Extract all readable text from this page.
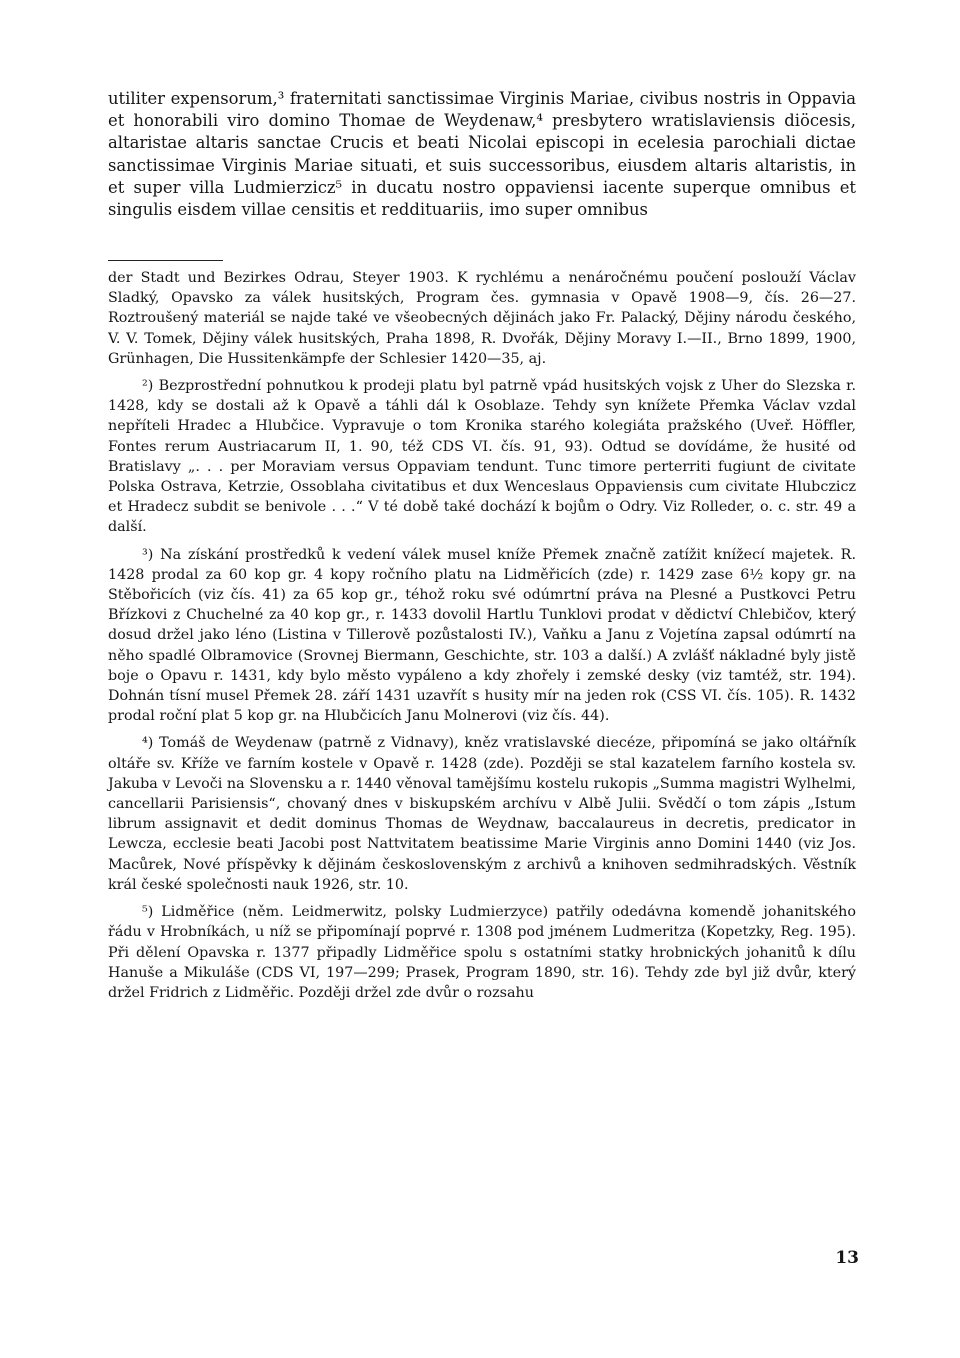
utiliter expensorum,³ fraternitati sanctissimae Virginis Mariae, civibus nostris in Oppavia et honorabili viro domino Thomae de Weydenaw,⁴ presbytero wratislaviensis diöcesis, altaristae altaris sanctae Crucis et beati Nicolai episcopi in ecelesia parochiali dictae sanctissimae Virginis Mariae situati, et suis successoribus, eiusdem altaris altaristis, in et super villa Ludmierzicz⁵ in ducatu nostro oppaviensi iacente superque omnibus et singulis eisdem villae censitis et reddituariis, imo super omnibus

der Stadt und Bezirkes Odrau, Steyer 1903. K rychlému a nenáročnému poučení poslouží Václav Sladký, Opavsko za válek husitských, Program čes. gymnasia v Opavě 1908—9, čís. 26—27. Roztroušený materiál se najde také ve všeobecných dějinách jako Fr. Palacký, Dějiny národu českého, V. V. Tomek, Dějiny válek husitských, Praha 1898, R. Dvořák, Dějiny Moravy I.—II., Brno 1899, 1900, Grünhagen, Die Hussitenkämpfe der Schlesier 1420—35, aj.

²) Bezprostřední pohnutkou k prodeji platu byl patrně vpád husitských vojsk z Uher do Slezska r. 1428, kdy se dostali až k Opavě a táhli dál k Osoblaze. Tehdy syn knížete Přemka Václav vzdal nepříteli Hradec a Hlubčice. Vypravuje o tom Kronika starého kolegiáta pražského (Uveř. Höffler, Fontes rerum Austriacarum II, 1. 90, též CDS VI. čís. 91, 93). Odtud se dovídáme, že husité od Bratislavy „. . . per Moraviam versus Oppaviam tendunt. Tunc timore perterriti fugiunt de civitate Polska Ostrava, Ketrzie, Ossoblaha civitatibus et dux Wenceslaus Oppaviensis cum civitate Hlubczicz et Hradecz subdit se benivole . . .“ V té době také dochází k bojům o Odry. Viz Rolleder, o. c. str. 49 a další.

³) Na získání prostředků k vedení válek musel kníže Přemek značně zatížit knížecí majetek. R. 1428 prodal za 60 kop gr. 4 kopy ročního platu na Lidměřicích (zde) r. 1429 zase 6½ kopy gr. na Stěbořicích (viz čís. 41) za 65 kop gr., téhož roku své odúmrtní práva na Plesné a Pustkovci Petru Břízkovi z Chuchelné za 40 kop gr., r. 1433 dovolil Hartlu Tunklovi prodat v dědictví Chlebičov, který dosud držel jako léno (Listina v Tillerově pozůstalosti IV.), Vaňku a Janu z Vojetína zapsal odúmrtí na něho spadlé Olbramovice (Srovnej Biermann, Geschichte, str. 103 a další.) A zvlášť nákladné byly jistě boje o Opavu r. 1431, kdy bylo město vypáleno a kdy zhořely i zemské desky (viz tamtéž, str. 194). Dohnán tísní musel Přemek 28. září 1431 uzavřít s husity mír na jeden rok (CSS VI. čís. 105). R. 1432 prodal roční plat 5 kop gr. na Hlubčicích Janu Molnerovi (viz čís. 44).

⁴) Tomáš de Weydenaw (patrně z Vidnavy), kněz vratislavské diecéze, připomíná se jako oltářník oltáře sv. Kříže ve farním kostele v Opavě r. 1428 (zde). Později se stal kazatelem farního kostela sv. Jakuba v Levoči na Slovensku a r. 1440 věnoval tamějšímu kostelu rukopis „Summa magistri Wylhelmi, cancellarii Parisiensis“, chovaný dnes v biskupském archívu v Albě Julii. Svědčí o tom zápis „Istum librum assignavit et dedit dominus Thomas de Weydnaw, baccalaureus in decretis, predicator in Lewcza, ecclesie beati Jacobi post Nattvitatem beatissime Marie Virginis anno Domini 1440 (viz Jos. Macůrek, Nové příspěvky k dějinám československým z archivů a knihoven sedmihradských. Věstník král české společnosti nauk 1926, str. 10.

⁵) Lidměřice (něm. Leidmerwitz, polsky Ludmierzyce) patřily odedávna komendě johanitského řádu v Hrobníkách, u níž se připomínají poprvé r. 1308 pod jménem Ludmeritza (Kopetzky, Reg. 195). Při dělení Opavska r. 1377 připadly Lidměřice spolu s ostatními statky hrobnických johanitů k dílu Hanuše a Mikuláše (CDS VI, 197—299; Prasek, Program 1890, str. 16). Tehdy zde byl již dvůr, který držel Fridrich z Lidměřic. Později držel zde dvůr o rozsahu

13
